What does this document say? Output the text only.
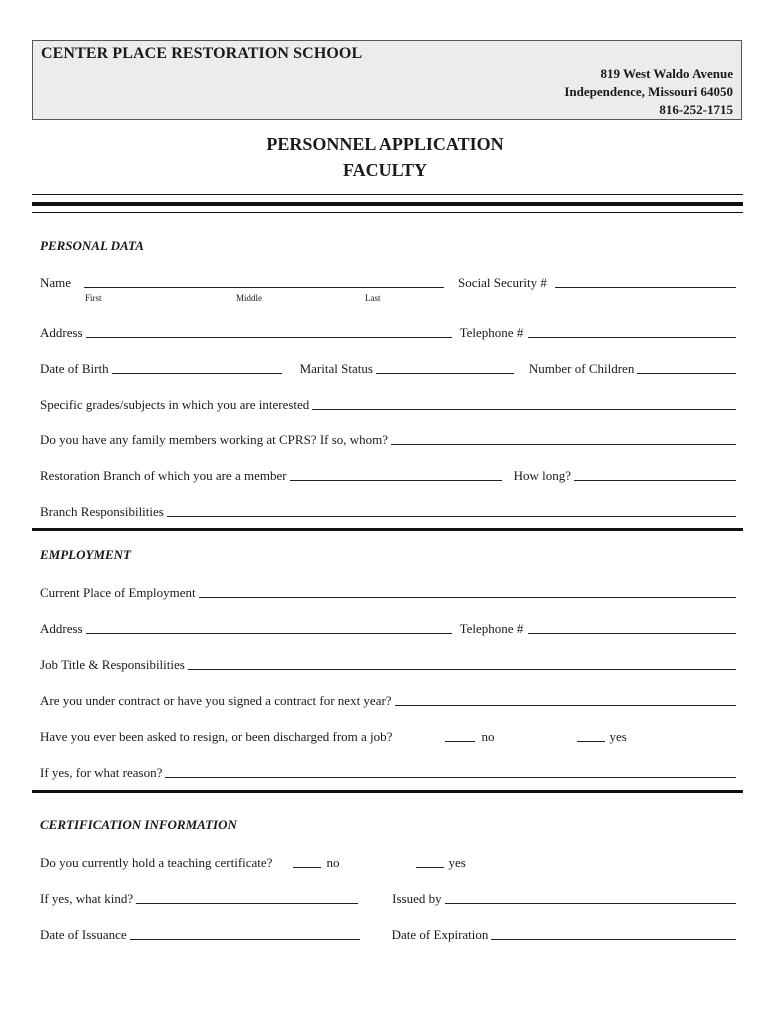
CENTER PLACE RESTORATION SCHOOL
819 West Waldo Avenue
Independence, Missouri 64050
816-252-1715
PERSONNEL APPLICATION
FACULTY
PERSONAL DATA
Name	Social Security #
First	Middle	Last
Address	Telephone #
Date of Birth	Marital Status	Number of Children
Specific grades/subjects in which you are interested
Do you have any family members working at CPRS? If so, whom?
Restoration Branch of which you are a member	How long?
Branch Responsibilities
EMPLOYMENT
Current Place of Employment
Address	Telephone #
Job Title & Responsibilities
Are you under contract or have you signed a contract for next year?
Have you ever been asked to resign, or been discharged from a job?	no	yes
If yes, for what reason?
CERTIFICATION INFORMATION
Do you currently hold a teaching certificate?	no	yes
If yes, what kind?	Issued by
Date of Issuance	Date of Expiration
